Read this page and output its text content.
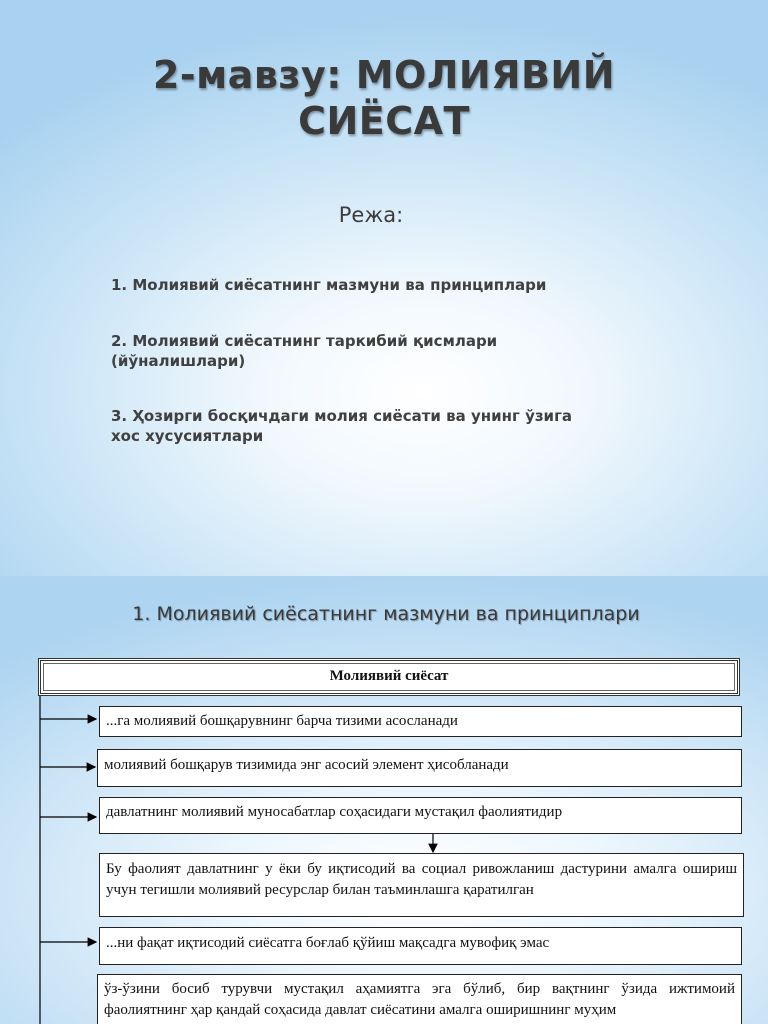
2-мавзу: МОЛИЯВИЙ
СИЁСАТ
Режа:
1. Молиявий сиёсатнинг мазмуни ва принциплари
2. Молиявий сиёсатнинг таркибий қисмлари (йўналишлари)
3. Ҳозирги босқичдаги молия сиёсати ва унинг ўзига хос хусусиятлари
1. Молиявий сиёсатнинг мазмуни ва принциплари
Молиявий сиёсат
...га молиявий бошқарувнинг барча тизими асосланади
молиявий бошқарув тизимида энг асосий элемент ҳисобланади
давлатнинг молиявий муносабатлар соҳасидаги мустақил фаолиятидир
Бу фаолият давлатнинг у ёки бу иқтисодий ва социал ривожланиш дастурини амалга ошириш учун тегишли молиявий ресурслар билан таъминлашга қаратилган
...ни фақат иқтисодий сиёсатга боғлаб қўйиш мақсадга мувофиқ эмас
ўз-ўзини босиб турувчи мустақил аҳамиятга эга бўлиб, бир вақтнинг ўзида ижтимоий фаолиятнинг ҳар қандай соҳасида давлат сиёсатини амалга оширишнинг муҳим
